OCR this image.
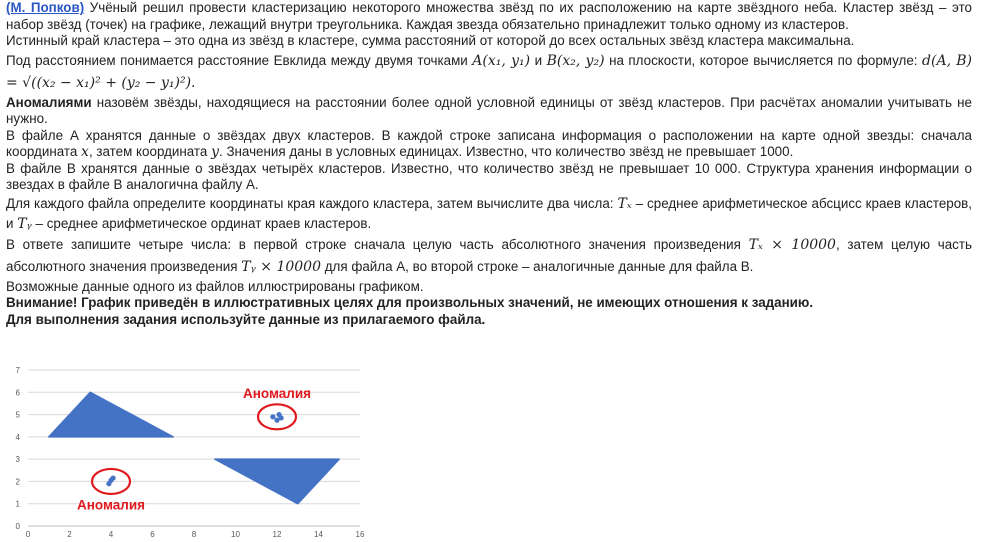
(М. Попков) Учёный решил провести кластеризацию некоторого множества звёзд по их расположению на карте звёздного неба. Кластер звёзд – это набор звёзд (точек) на графике, лежащий внутри треугольника. Каждая звезда обязательно принадлежит только одному из кластеров.

Истинный край кластера – это одна из звёзд в кластере, сумма расстояний от которой до всех остальных звёзд кластера максимальна.

Под расстоянием понимается расстояние Евклида между двумя точками A(x₁, y₁) и B(x₂, y₂) на плоскости, которое вычисляется по формуле: d(A, B) = √((x₂ − x₁)² + (y₂ − y₁)²).

Аномалиями назовём звёзды, находящиеся на расстоянии более одной условной единицы от звёзд кластеров. При расчётах аномалии учитывать не нужно.

В файле А хранятся данные о звёздах двух кластеров. В каждой строке записана информация о расположении на карте одной звезды: сначала координата x, затем координата y. Значения даны в условных единицах. Известно, что количество звёзд не превышает 1000.

В файле B хранятся данные о звёздах четырёх кластеров. Известно, что количество звёзд не превышает 10 000. Структура хранения информации о звездах в файле B аналогична файлу А.

Для каждого файла определите координаты края каждого кластера, затем вычислите два числа: Tₓ – среднее арифметическое абсцисс краев кластеров, и Tᵧ – среднее арифметическое ординат краев кластеров.

В ответе запишите четыре числа: в первой строке сначала целую часть абсолютного значения произведения Tₓ × 10000, затем целую часть абсолютного значения произведения Tᵧ × 10000 для файла А, во второй строке – аналогичные данные для файла B.

Возможные данные одного из файлов иллюстрированы графиком.

Внимание! График приведён в иллюстративных целях для произвольных значений, не имеющих отношения к заданию.

Для выполнения задания используйте данные из прилагаемого файла.

0
1
2
3
4
5
6
7
0	2	4	6	8	10	12	14	16
Аномалия
Аномалия
